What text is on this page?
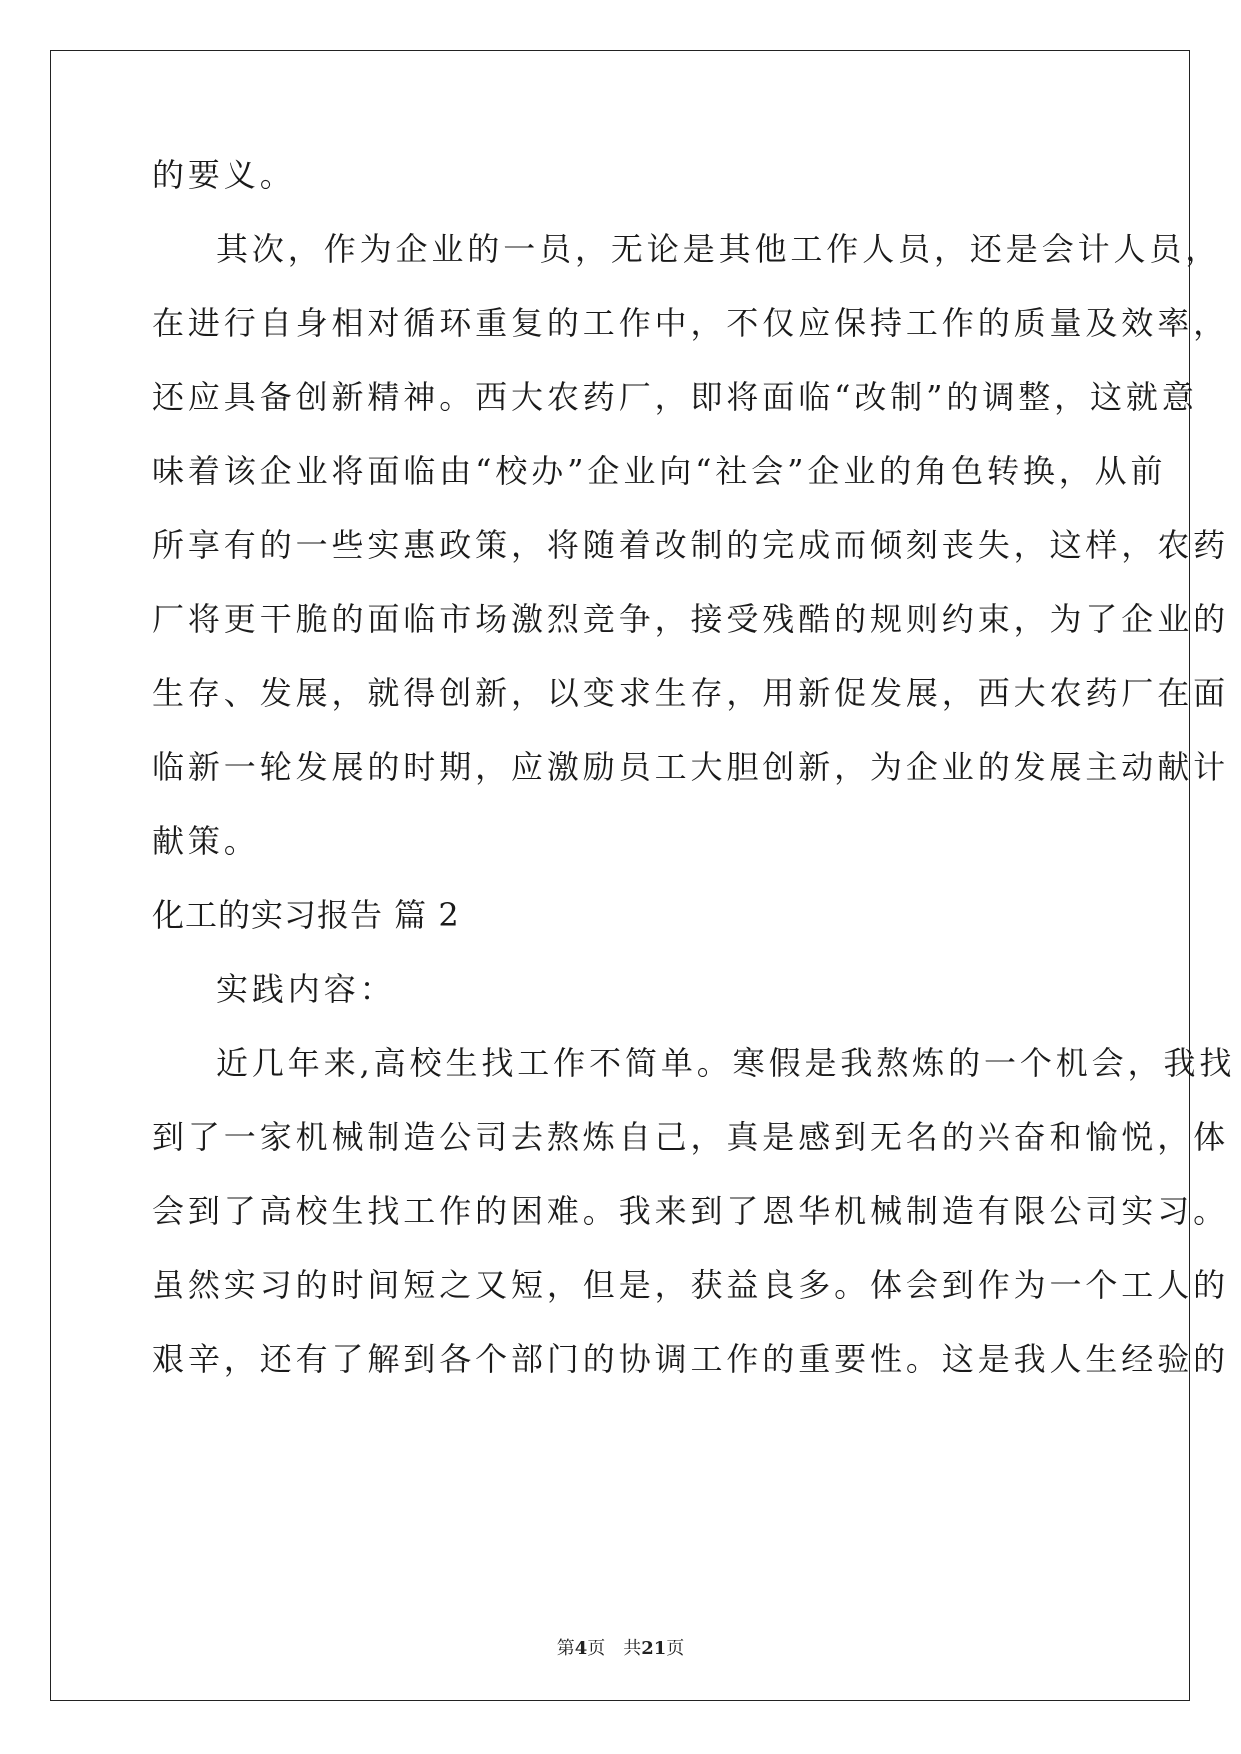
的要义。
其次，作为企业的一员，无论是其他工作人员，还是会计人员，
在进行自身相对循环重复的工作中，不仅应保持工作的质量及效率，
还应具备创新精神。西大农药厂，即将面临“改制”的调整，这就意
味着该企业将面临由“校办”企业向“社会”企业的角色转换，从前
所享有的一些实惠政策，将随着改制的完成而倾刻丧失，这样，农药
厂将更干脆的面临市场激烈竞争，接受残酷的规则约束，为了企业的
生存、发展，就得创新，以变求生存，用新促发展，西大农药厂在面
临新一轮发展的时期，应激励员工大胆创新，为企业的发展主动献计
献策。
化工的实习报告 篇 2
实践内容：
近几年来,高校生找工作不简单。寒假是我熬炼的一个机会，我找
到了一家机械制造公司去熬炼自己，真是感到无名的兴奋和愉悦，体
会到了高校生找工作的困难。我来到了恩华机械制造有限公司实习。
虽然实习的时间短之又短，但是，获益良多。体会到作为一个工人的
艰辛，还有了解到各个部门的协调工作的重要性。这是我人生经验的
第4页　共21页
